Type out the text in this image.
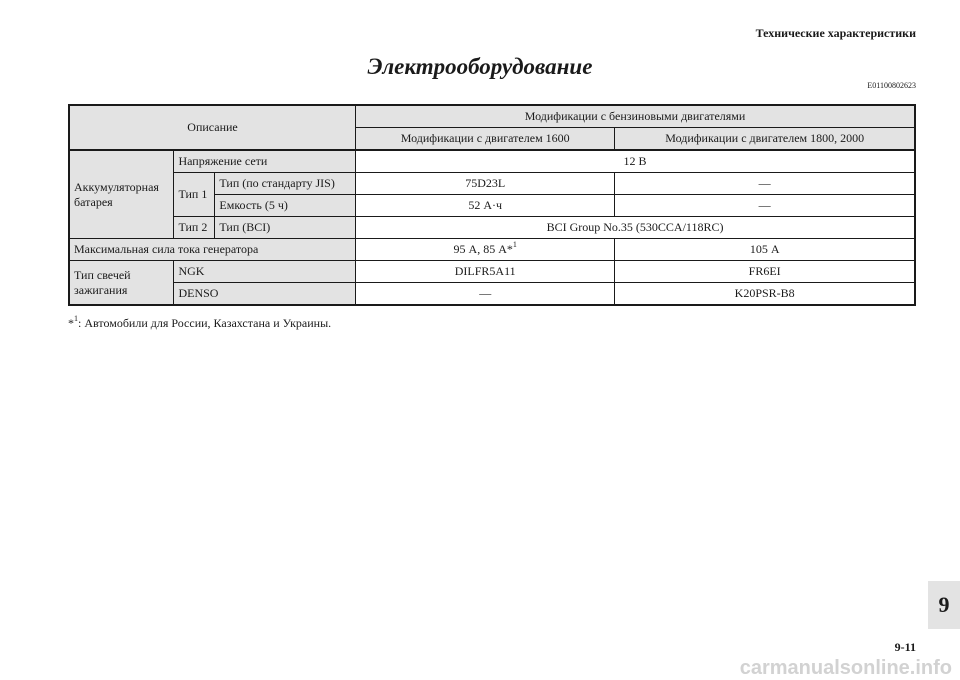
Технические характеристики
Электрооборудование
E01100802623
Описание			Модификации с бензиновыми двигателями	
			Модификации с двигателем 1600	Модификации с двигателем 1800, 2000
Аккумуляторная батарея	Напряжение сети		12 В	
	Тип 1	Тип (по стандарту JIS)	75D23L	—
		Емкость (5 ч)	52 А·ч	—
	Тип 2	Тип (BCI)	BCI Group No.35 (530CCA/118RC)	
Максимальная сила тока генератора			95 А, 85 А*$^1$	105 А
Тип свечей зажигания	NGK		DILFR5A11	FR6EI
	DENSO		—	K20PSR-B8
*$^1$: Автомобили для России, Казахстана и Украины.
9
9-11
carmanualsonline.info
